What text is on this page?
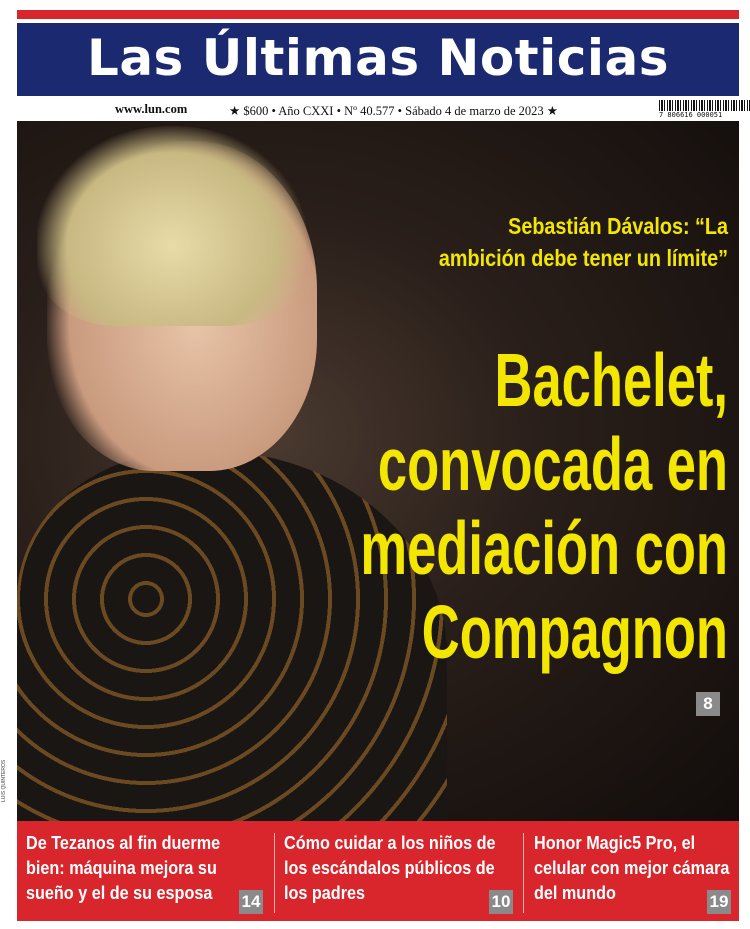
Las Últimas Noticias
www.lun.com	★ $600 • Año CXXI • Nº 40.577 • Sábado 4 de marzo de 2023 ★	7 806616 000051
LUIS QUINTEROS
Sebastián Dávalos: “La ambición debe tener un límite”
Bachelet,
convocada en
mediación con
Compagnon
8
De Tezanos al fin duerme bien: máquina mejora su sueño y el de su esposa	14
Cómo cuidar a los niños de los escándalos públicos de los padres	10
Honor Magic5 Pro, el celular con mejor cámara del mundo	19
